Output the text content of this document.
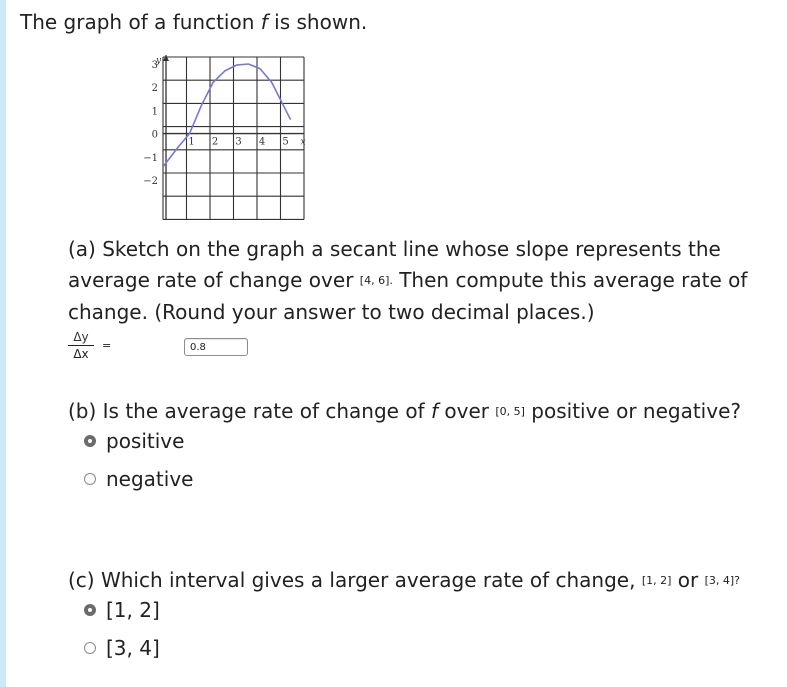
The graph of a function f is shown.
y
3
2
1
0
−1
−2
1 2 3 4 5 x
(a) Sketch on the graph a secant line whose slope represents the average rate of change over [4, 6]. Then compute this average rate of change. (Round your answer to two decimal places.)
$\frac{\Delta y}{\Delta x}$ =
0.8
(b) Is the average rate of change of f over [0, 5] positive or negative?
positive
negative
(c) Which interval gives a larger average rate of change, [1, 2] or [3, 4]?
[1, 2]
[3, 4]
